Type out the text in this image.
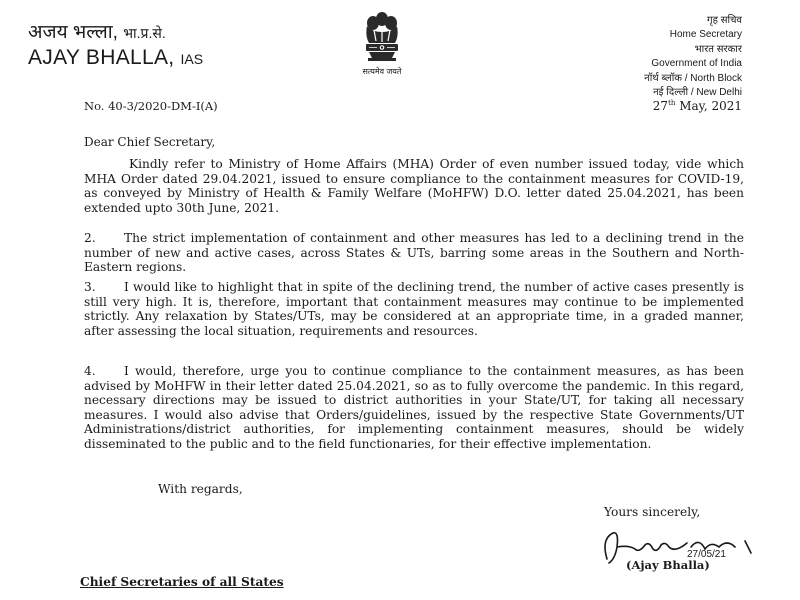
अजय भल्ला, भा.प्र.से.
AJAY BHALLA, IAS
सत्यमेव जयते
गृह सचिव
Home Secretary
भारत सरकार
Government of India
नॉर्थ ब्लॉक / North Block
नई दिल्ली / New Delhi
No. 40-3/2020-DM-I(A)	27th May, 2021
Dear Chief Secretary,

Kindly refer to Ministry of Home Affairs (MHA) Order of even number issued today, vide which MHA Order dated 29.04.2021, issued to ensure compliance to the containment measures for COVID-19, as conveyed by Ministry of Health & Family Welfare (MoHFW) D.O. letter dated 25.04.2021, has been extended upto 30th June, 2021.

2. The strict implementation of containment and other measures has led to a declining trend in the number of new and active cases, across States & UTs, barring some areas in the Southern and North-Eastern regions.

3. I would like to highlight that in spite of the declining trend, the number of active cases presently is still very high. It is, therefore, important that containment measures may continue to be implemented strictly. Any relaxation by States/UTs, may be considered at an appropriate time, in a graded manner, after assessing the local situation, requirements and resources.

4. I would, therefore, urge you to continue compliance to the containment measures, as has been advised by MoHFW in their letter dated 25.04.2021, so as to fully overcome the pandemic. In this regard, necessary directions may be issued to district authorities in your State/UT, for taking all necessary measures. I would also advise that Orders/guidelines, issued by the respective State Governments/UT Administrations/district authorities, for implementing containment measures, should be widely disseminated to the public and to the field functionaries, for their effective implementation.

With regards,
Yours sincerely,
27/05/21
(Ajay Bhalla)
Chief Secretaries of all States
